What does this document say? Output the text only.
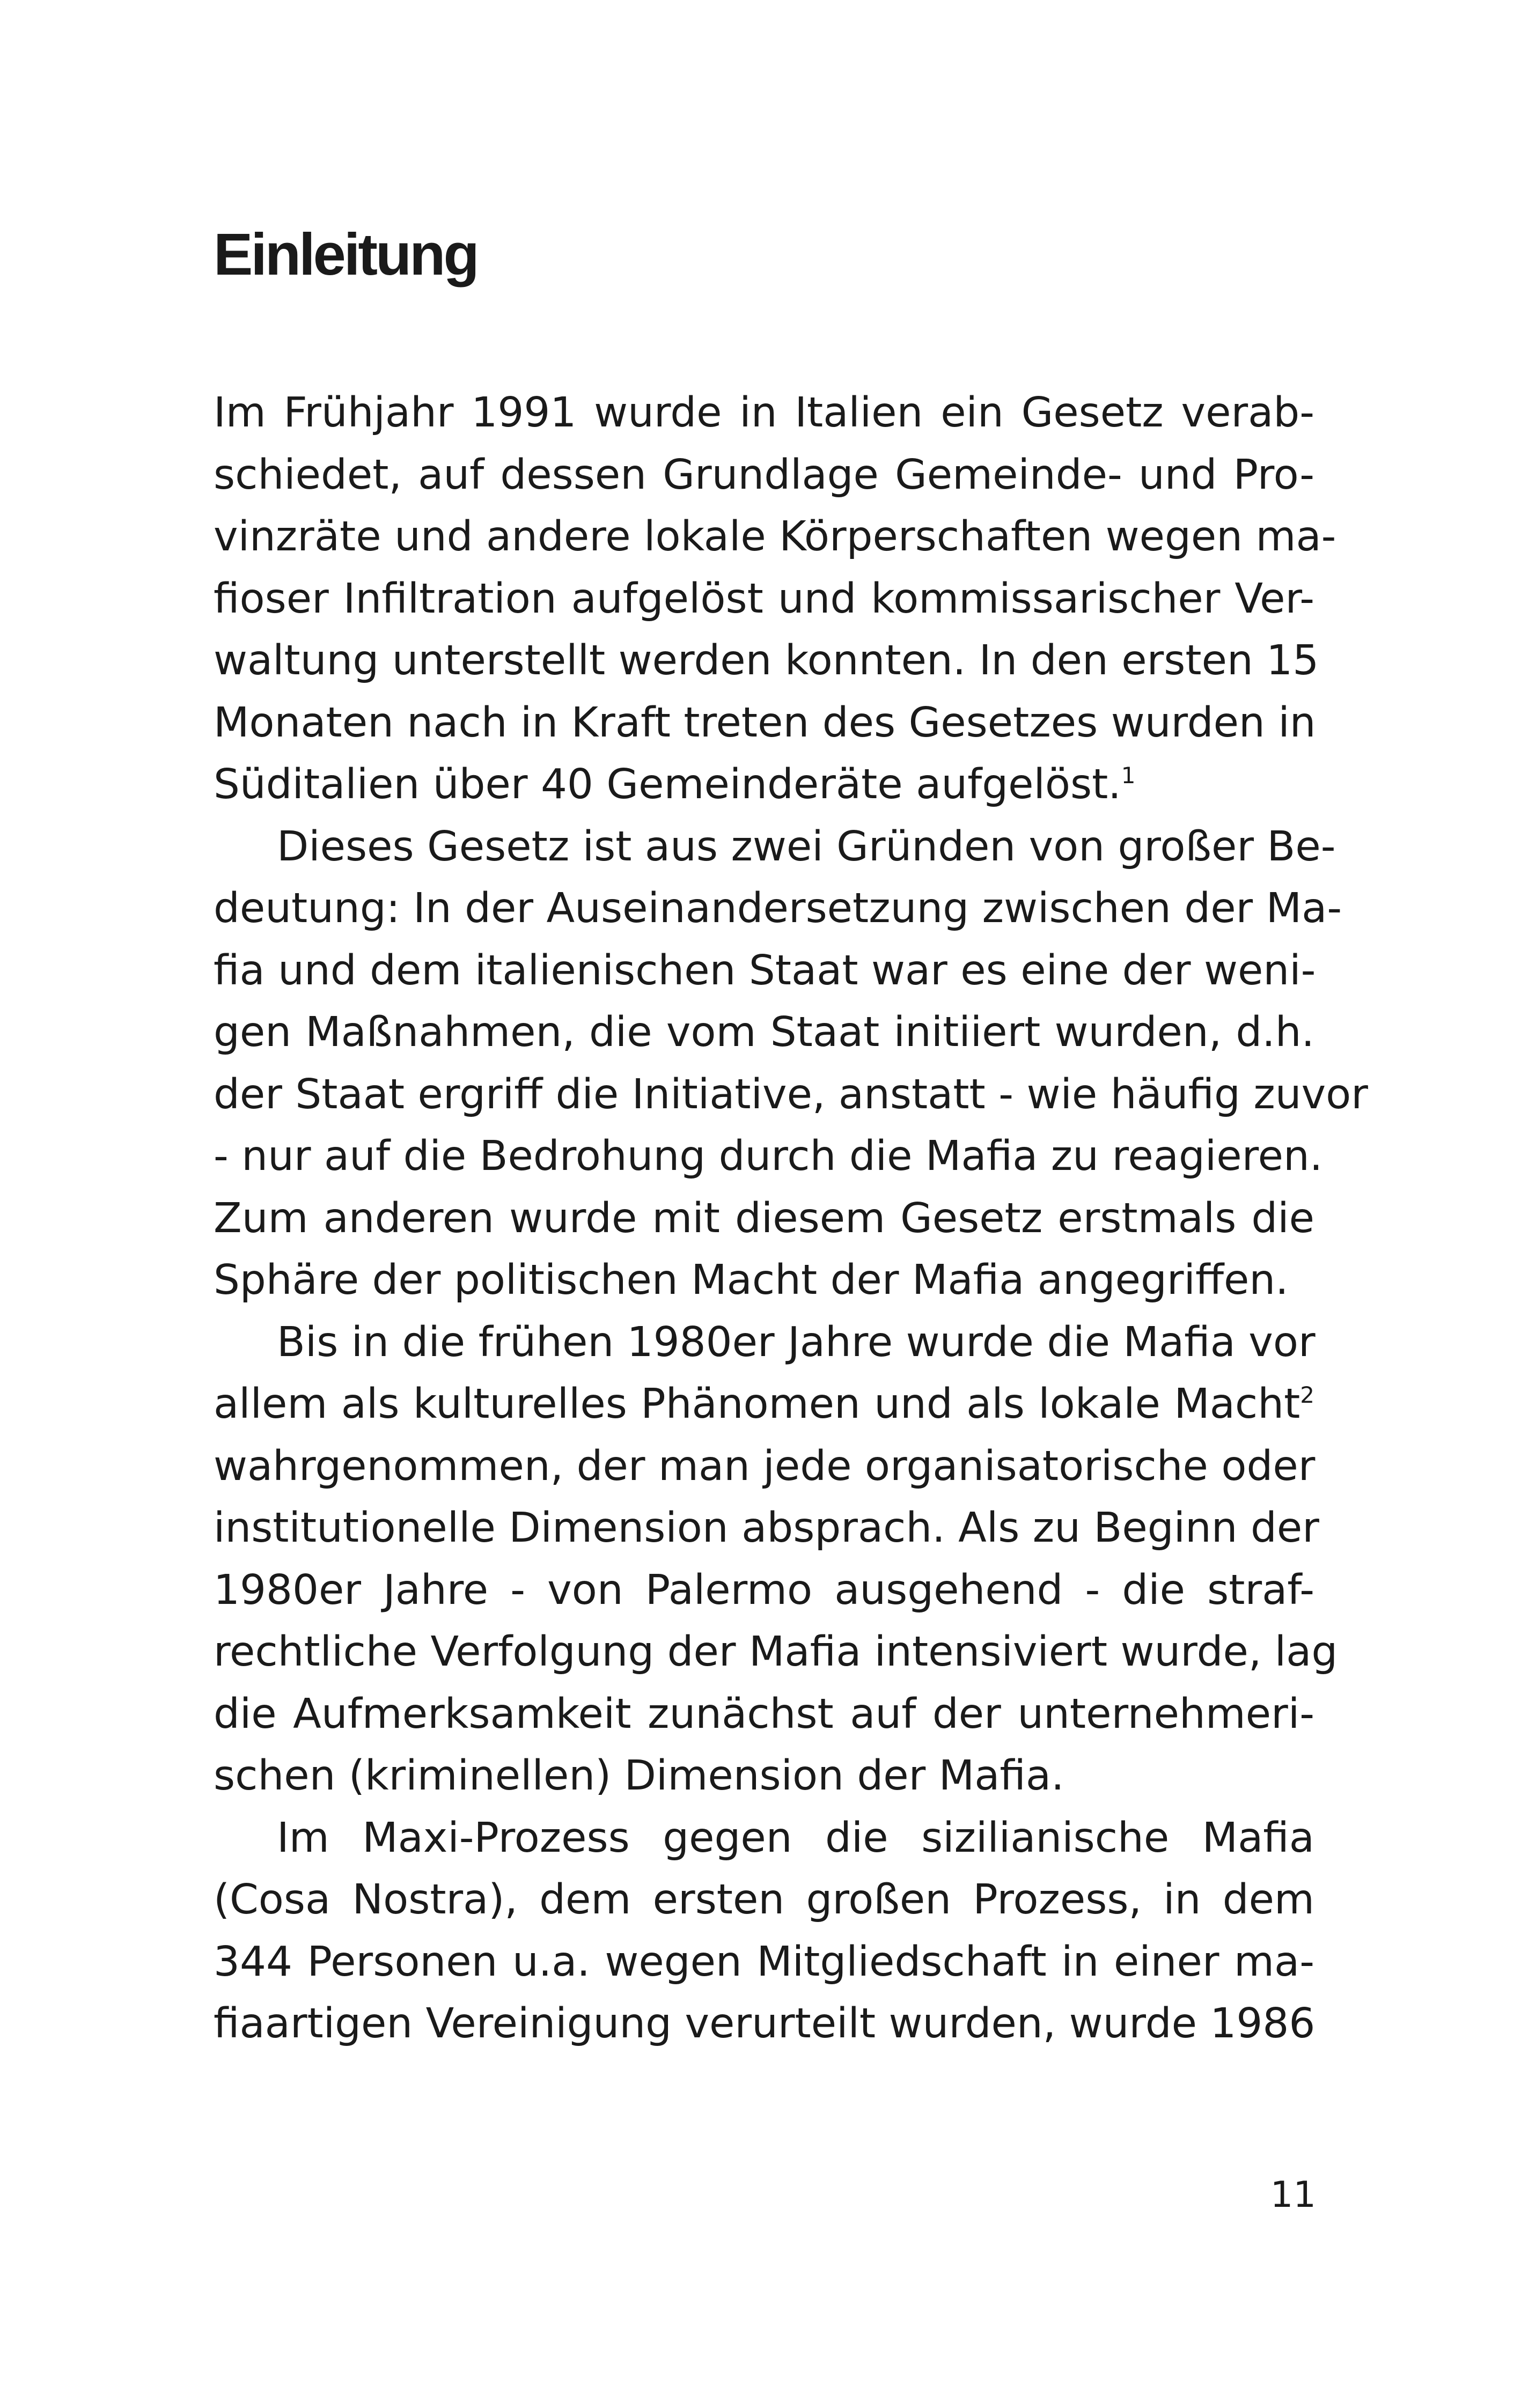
Einleitung
Im Frühjahr 1991 wurde in Italien ein Gesetz verab-
schiedet, auf dessen Grundlage Gemeinde- und Pro-
vinzräte und andere lokale Körperschaften wegen ma-
fioser Infiltration aufgelöst und kommissarischer Ver-
waltung unterstellt werden konnten. In den ersten 15
Monaten nach in Kraft treten des Gesetzes wurden in
Süditalien über 40 Gemeinderäte aufgelöst.$^1$
Dieses Gesetz ist aus zwei Gründen von großer Be-
deutung: In der Auseinandersetzung zwischen der Ma-
fia und dem italienischen Staat war es eine der weni-
gen Maßnahmen, die vom Staat initiiert wurden, d.h.
der Staat ergriff die Initiative, anstatt - wie häufig zuvor
- nur auf die Bedrohung durch die Mafia zu reagieren.
Zum anderen wurde mit diesem Gesetz erstmals die
Sphäre der politischen Macht der Mafia angegriffen.
Bis in die frühen 1980er Jahre wurde die Mafia vor
allem als kulturelles Phänomen und als lokale Macht$^2$
wahrgenommen, der man jede organisatorische oder
institutionelle Dimension absprach. Als zu Beginn der
1980er Jahre - von Palermo ausgehend - die straf-
rechtliche Verfolgung der Mafia intensiviert wurde, lag
die Aufmerksamkeit zunächst auf der unternehmeri-
schen (kriminellen) Dimension der Mafia.
Im Maxi-Prozess gegen die sizilianische Mafia
(Cosa Nostra), dem ersten großen Prozess, in dem
344 Personen u.a. wegen Mitgliedschaft in einer ma-
fiaartigen Vereinigung verurteilt wurden, wurde 1986
11
